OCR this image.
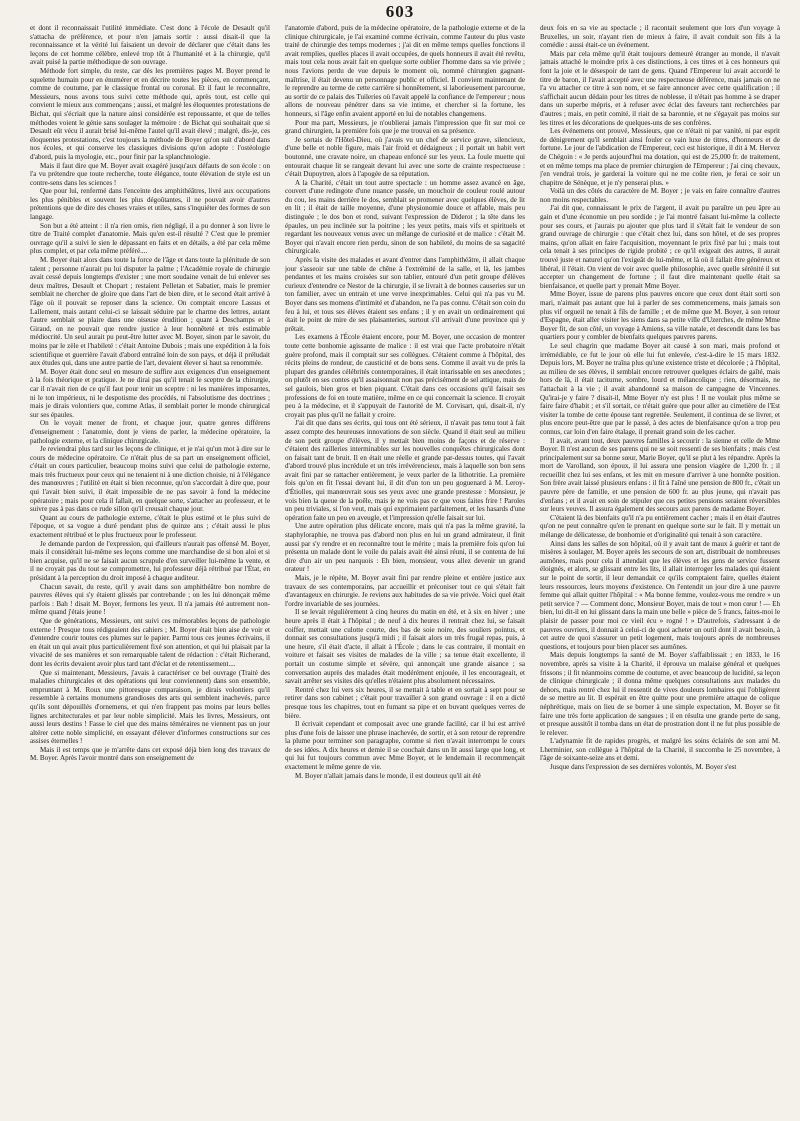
603

et dont il reconnaissait l'utilité immédiate. C'est donc à l'école de Desault qu'il s'attacha de préférence, et pour n'en jamais sortir : aussi disait-il que la reconnaissance et la vérité lui faisaient un devoir de déclarer que c'était dans les leçons de cet homme célèbre, enlevé trop tôt à l'humanité et à la chirurgie, qu'il avait puisé la partie méthodique de son ouvrage.

Méthode fort simple, du reste, car dès les premières pages M. Boyer prend le squelette humain pour en énumérer et en décrire toutes les pièces, en commençant, comme de coutume, par le classique frontal ou coronal. Et il faut le reconnaître, Messieurs, nous avons tous suivi cette méthode qui, après tout, est celle qui convient le mieux aux commençans ; aussi, et malgré les éloquentes protestations de Bichat, qui s'écriait que la nature ainsi considérée est repoussante, et que de telles méthodes voient le génie sans soulager la mémoire : de Bichat qui souhaitait que si Desault eût vécu il aurait brisé lui-même l'autel qu'il avait élevé ; malgré, dis-je, ces éloquentes protestations, c'est toujours la méthode de Boyer qu'on suit d'abord dans nos écoles, et qui conserve les classiques divisions qu'on adopte : l'ostéologie d'abord, puis la myologie, etc., pour finir par la splanchnologie.

Mais il faut dire que M. Boyer avait exagéré jusqu'aux défauts de son école : on l'a vu prétendre que toute recherche, toute élégance, toute élévation de style est un contre-sens dans les sciences !

Que pour lui, renfermé dans l'enceinte des amphithéâtres, livré aux occupations les plus pénibles et souvent les plus dégoûtantes, il ne pouvait avoir d'autres prétentions que de dire des choses vraies et utiles, sans s'inquiéter des formes de son langage.

Son but a été atteint : il n'a rien omis, rien négligé, il a pu donner à son livre le titre de Traité complet d'anatomie. Mais qu'en est-il résulté ? C'est que le premier ouvrage qu'il a suivi le sien le dépassant en faits et en détails, a été par cela même plus complet, et par cela même préféré....

M. Boyer était alors dans toute la force de l'âge et dans toute la plénitude de son talent ; personne n'aurait pu lui disputer la palme ; l'Académie royale de chirurgie avait cessé depuis longtemps d'exister ; une mort soudaine venait de lui enlever ses deux maîtres, Desault et Chopart ; restaient Pelletan et Sabatier, mais le premier semblait ne chercher de gloire que dans l'art de bien dire, et le second était arrivé à l'âge où il pouvait se reposer dans la science. On comptait encore Lassus et Lallement, mais autant celui-ci se laissait séduire par le charme des lettres, autant l'autre semblait se plaire dans une oiseuse érudition ; quant à Deschamps et à Giraud, on ne pouvait que rendre justice à leur honnêteté et très estimable médiocrité. Un seul aurait pu peut-être lutter avec M. Boyer, sinon par le savoir, du moins par le zèle et l'habileté : c'était Antoine Dubois ; mais une expédition à la fois scientifique et guerrière l'avait d'abord entraîné loin de son pays, et déjà il préludait aux études qui, dans une autre partie de l'art, devaient élever si haut sa renommée.

M. Boyer était donc seul en mesure de suffire aux exigences d'un enseignement à la fois théorique et pratique. Je ne dirai pas qu'il tenait le sceptre de la chirurgie, car il n'avait rien de ce qu'il faut pour tenir un sceptre : ni les manières imposantes, ni le ton impérieux, ni le despotisme des procédés, ni l'absolutisme des doctrines ; mais je dirais volontiers que, comme Atlas, il semblait porter le monde chirurgical sur ses épaules.

On le voyait mener de front, et chaque jour, quatre genres différens d'enseignement : l'anatomie, dont je viens de parler, la médecine opératoire, la pathologie externe, et la clinique chirurgicale.

Je reviendrai plus tard sur les leçons de clinique, et je n'ai qu'un mot à dire sur le cours de médecine opératoire. Ce n'était plus de sa part un enseignement officiel, c'était un cours particulier, beaucoup moins suivi que celui de pathologie externe, mais très fructueux pour ceux qui ne tenaient ni à une diction choisie, ni à l'élégance des manœuvres ; l'utilité en était si bien reconnue, qu'on s'accordait à dire que, pour qui l'avait bien suivi, il était impossible de ne pas savoir à fond la médecine opératoire ; mais pour cela il fallait, en quelque sorte, s'attacher au professeur, et le suivre pas à pas dans ce rude sillon qu'il creusait chaque jour.

Quant au cours de pathologie externe, c'était le plus estimé et le plus suivi de l'époque, et sa vogue a duré pendant plus de quinze ans ; c'était aussi le plus exactement rétribué et le plus fructueux pour le professeur.

Je demande pardon de l'expression, qui d'ailleurs n'aurait pas offensé M. Boyer, mais il considérait lui-même ses leçons comme une marchandise de si bon aloi et si bien acquise, qu'il ne se faisait aucun scrupule d'en surveiller lui-même la vente, et il ne croyait pas du tout se compromettre, lui professeur déjà rétribué par l'État, en présidant à la perception du droit imposé à chaque auditeur.

Chacun savait, du reste, qu'il y avait dans son amphithéâtre bon nombre de pauvres élèves qui s'y étaient glissés par contrebande ; on les lui dénonçait même parfois : Bah ! disait M. Boyer, fermons les yeux. Il n'a jamais été autrement non-même quand j'étais jeune !

Que de générations, Messieurs, ont suivi ces mémorables leçons de pathologie externe ! Presque tous rédigeaient des cahiers ; M. Boyer était bien aise de voir et d'entendre courir toutes ces plumes sur le papier. Parmi tous ces jeunes écrivains, il en était un qui avait plus particulièrement fixé son attention, et qui lui plaisait par la vivacité de ses manières et son remarquable talent de rédaction : c'était Richerand, dont les écrits devaient avoir plus tard tant d'éclat et de retentissement....

Que si maintenant, Messieurs, j'avais à caractériser ce bel ouvrage (Traité des maladies chirurgicales et des opérations qui leur conviennent) dans son ensemble, empruntant à M. Roux une pittoresque comparaison, je dirais volontiers qu'il ressemble à certains monumens grandioses des arts qui semblent inachevés, parce qu'ils sont dépouillés d'ornemens, et qui n'en frappent pas moins par leurs belles lignes architecturales et par leur noble simplicité. Mais les livres, Messieurs, ont aussi leurs destins ! Fasse le ciel que des mains téméraires ne viennent pas un jour altérer cette noble simplicité, en essayant d'élever d'informes constructions sur ces assises éternelles !

Mais il est temps que je m'arrête dans cet exposé déjà bien long des travaux de M. Boyer. Après l'avoir montré dans son enseignement de

l'anatomie d'abord, puis de la médecine opératoire, de la pathologie externe et de la clinique chirurgicale, je l'ai examiné comme écrivain, comme l'auteur du plus vaste traité de chirurgie des temps modernes ; j'ai dit en même temps quelles fonctions il avait remplies, quelles places il avait occupées, de quels honneurs il avait été revêtu, mais tout cela nous avait fait en quelque sorte oublier l'homme dans sa vie privée ; nous l'avions perdu de vue depuis le moment où, nommé chirurgien gagnant-maîtrise, il était devenu un personnage public et officiel. Il convient maintenant de le reprendre au terme de cette carrière si honnêtement, si laborieusement parcourue, au sortir de ce palais des Tuileries où l'avait appelé la confiance de l'empereur ; nous allons de nouveau pénétrer dans sa vie intime, et chercher si la fortune, les honneurs, si l'âge enfin avaient apporté en lui de notables changemens.

Pour ma part, Messieurs, je n'oublierai jamais l'impression que fit sur moi ce grand chirurgien, la première fois que je me trouvai en sa présence.

Je sortais de l'Hôtel-Dieu, où j'avais vu un chef de service grave, silencieux, d'une belle et noble figure, mais l'air froid et dédaigneux ; il portait un habit vert boutonné, une cravate noire, un chapeau enfoncé sur les yeux. La foule muette qui entourait chaque lit se rangeait devant lui avec une sorte de crainte respectueuse : c'était Dupuytren, alors à l'apogée de sa réputation.

A la Charité, c'était un tout autre spectacle : un homme assez avancé en âge, couvert d'une redingote d'une nuance passée, un mouchoir de couleur roulé autour du cou, les mains derrière le dos, semblait se promener avec quelques élèves, de lit en lit ; il était de taille moyenne, d'une physionomie douce et affable, mais peu distinguée ; le dos bon et rond, suivant l'expression de Diderot ; la tête dans les épaules, un peu inclinée sur la poitrine ; les yeux petits, mais vifs et spirituels et regardant les nouveaux venus avec un mélange de curiosité et de malice : c'était M. Boyer qui n'avait encore rien perdu, sinon de son habileté, du moins de sa sagacité chirurgicale.

Après la visite des malades et avant d'entrer dans l'amphithéâtre, il allait chaque jour s'asseoir sur une table de chêne à l'extrémité de la salle, et là, les jambes pendantes et les mains croisées sur son tablier, entouré d'un petit groupe d'élèves curieux d'entendre ce Nestor de la chirurgie, il se livrait à de bonnes causeries sur un ton familier, avec un entrain et une verve inexprimables. Celui qui n'a pas vu M. Boyer dans ses momens d'intimité et d'abandon, ne l'a pas connu. C'était son coin du feu à lui, et tous ses élèves étaient ses enfans ; il y en avait un ordinairement qui était le point de mire de ses plaisanteries, surtout s'il arrivait d'une province qui y prêtait.

Les examens à l'École étaient encore, pour M. Boyer, une occasion de montrer toute cette bonhomie agissante de malice : il est vrai que l'acte probatoire n'était guère profond, mais il comptait sur ses collègues. C'étaient comme à l'hôpital, des récits pleins de rondeur, de causticité et de bons sens. Comme il avait vu de près la plupart des grandes célébrités contemporaines, il était intarissable en ses anecdotes ; on plutôt en ses contes qu'il assaisonnait non pas précisément de sel attique, mais de sel gaulois, bien gros et bien piquant. C'était dans ces occasions qu'il faisait ses professions de foi en toute matière, même en ce qui concernait la science. Il croyait peu à la médecine, et il s'appuyait de l'autorité de M. Corvisart, qui, disait-il, n'y croyait pas plus qu'il ne fallait y croire.

J'ai dit que dans ses écrits, qui tous ont été sérieux, il n'avait pas tenu tout à fait assez compte des heureuses innovations de son siècle. Quand il était seul au milieu de son petit groupe d'élèves, il y mettait bien moins de façons et de réserve : c'étaient des railleries interminables sur les nouvelles conquêtes chirurgicales dont on faisait tant de bruit. Il en était une réelle et grande par-dessus toutes, qui l'avait d'abord trouvé plus incrédule et un très irrévérencieux, mais à laquelle son bon sens avait fini par se rattacher entièrement, je veux parler de la lithotritie. La première fois qu'on en fit l'essai devant lui, il dit d'un ton un peu goguenard à M. Leroy-d'Étiolles, qui manœuvrait sous ses yeux avec une grande prestesse : Monsieur, je vois bien la queue de la poêle, mais je ne vois pas ce que vous faites frire ! Paroles un peu triviales, si l'on veut, mais qui exprimaient parfaitement, et les hasards d'une opération faite un peu en aveugle, et l'impression qu'elle faisait sur lui.

Une autre opération plus délicate encore, mais qui n'a pas la même gravité, la staphyloraphie, ne trouva pas d'abord non plus en lui un grand admirateur, il finit aussi par s'y rendre et en reconnaître tout le mérite ; mais la première fois qu'on lui présenta un malade dont le voile du palais avait été ainsi réuni, il se contenta de lui dire d'un air un peu narquois : Eh bien, monsieur, vous allez devenir un grand orateur !

Mais, je le répète, M. Boyer avait fini par rendre pleine et entière justice aux travaux de ses contemporains, par accueillir et préconiser tout ce qui s'était fait d'avantageux en chirurgie. Je reviens aux habitudes de sa vie privée. Voici quel était l'ordre invariable de ses journées.

Il se levait régulièrement à cinq heures du matin en été, et à six en hiver ; une heure après il était à l'hôpital ; de neuf à dix heures il rentrait chez lui, se faisait coiffer, mettait une culotte courte, des bas de soie noire, des souliers pointus, et donnait ses consultations jusqu'à midi ; il faisait alors un très frugal repas, puis, à une heure, s'il était d'acte, il allait à l'École ; dans le cas contraire, il montait en voiture et faisait ses visites de malades de la ville ; sa tenue était excellente, il portait un costume simple et sévère, qui annonçait une grande aisance ; sa conversation auprès des malades était modérément enjouée, il les encourageait, et savait arrêter ses visites dès qu'elles n'étaient plus absolument nécessaires.

Rentré chez lui vers six heures, il se mettait à table et en sortait à sept pour se retirer dans son cabinet ; c'était pour travailler à son grand ouvrage : il en a dicté presque tous les chapitres, tout en fumant sa pipe et en buvant quelques verres de bière.

Il écrivait cependant et composait avec une grande facilité, car il lui est arrivé plus d'une fois de laisser une phrase inachevée, de sortir, et à son retour de reprendre la plume pour terminer son paragraphe, comme si rien n'avait interrompu le cours de ses idées. A dix heures et demie il se couchait dans un lit aussi large que long, et qui lui fut toujours commun avec Mme Boyer, et le lendemain il recommençait exactement le même genre de vie.

M. Boyer n'allait jamais dans le monde, il est douteux qu'il ait été

deux fois en sa vie au spectacle ; il racontait seulement que lors d'un voyage à Bruxelles, un soir, n'ayant rien de mieux à faire, il avait conduit son fils à la comédie : aussi était-ce un événement.

Mais par cela même qu'il était toujours demeuré étranger au monde, il n'avait jamais attaché le moindre prix à ces distinctions, à ces titres et à ces honneurs qui font la joie et le désespoir de tant de gens. Quand l'Empereur lui avait accordé le titre de baron, il l'avait accepté avec une respectueuse déférence, mais jamais on ne l'a vu attacher ce titre à son nom, et se faire annoncer avec cette qualification ; il s'affichait aucun dédain pour les titres de noblesse, il n'était pas homme à se draper dans un superbe mépris, et à refuser avec éclat des faveurs tant recherchées par d'autres ; mais, en petit comité, il riait de sa baronnie, et ne s'égayait pas moins sur les titres et les décorations de quelques-uns de ses confrères.

Les événemens ont prouvé, Messieurs, que ce n'était ni par vanité, ni par esprit de dénigrement qu'il semblait ainsi fouler ce vain luxe de titres, d'honneurs et de fortune. Le jour de l'abdication de l'Empereur, ceci est historique, il dit à M. Hervez de Chégoin : « Je perds aujourd'hui ma dotation, qui est de 25,000 fr. de traitement, et en même temps ma place de premier chirurgien de l'Empereur ; j'ai cinq chevaux, j'en vendrai trois, je garderai la voiture qui ne me coûte rien, je ferai ce soir un chapitre de Sénèque, et je n'y penserai plus. »

Voilà un des côtés du caractère de M. Boyer ; je vais en faire connaître d'autres non moins respectables.

J'ai dit que, connaissant le prix de l'argent, il avait pu paraître un peu âpre au gain et d'une économie un peu sordide ; je l'ai montré faisant lui-même la collecte pour ses cours, et j'aurais pu ajouter que plus tard il s'était fait le vendeur de son grand ouvrage de chirurgie : que c'était chez lui, dans son hôtel, et de ses propres mains, qu'on allait en faire l'acquisition, moyennant le prix fixé par lui ; mais tout cela tenait à ses principes de rigide probité ; ce qu'il exigeait des autres, il aurait trouvé juste et naturel qu'on l'exigeât de lui-même, et là où il fallait être généreux et libéral, il l'était. On vient de voir avec quelle philosophie, avec quelle sérénité il sut accepter un changement de fortune ; il faut dire maintenant quelle était sa bienfaisance, et quelle part y prenait Mme Boyer.

Mme Boyer, issue de parens plus pauvres encore que ceux dont était sorti son mari, n'aimait pas autant que lui à parler de ses commencemens, mais jamais son plus vif orgueil ne tenait à fils de famille ; et de même que M. Boyer, à son retour d'Espagne, était aller visiter les siens dans sa petite ville d'Uzerches, de même Mme Boyer fit, de son côté, un voyage à Amiens, sa ville natale, et descendit dans les bas quartiers pour y combler de bienfaits quelques pauvres parens.

Le seul chagrin que madame Boyer ait causé à son mari, mais profond et irrémédiable, ce fut le jour où elle lui fut enlevée, c'est-à-dire le 15 mars 1832. Depuis lors, M. Boyer ne traîna plus qu'une existence triste et décolorée ; à l'hôpital, au milieu de ses élèves, il semblait encore retrouver quelques éclairs de gaîté, mais hors de là, il était taciturne, sombre, lourd et mélancolique ; rien, désormais, ne l'attachait à la vie ; il avait abandonné sa maison de campagne de Vincennes. Qu'irai-je y faire ? disait-il, Mme Boyer n'y est plus ! Il ne voulait plus même se faire faire d'habit ; et s'il sortait, ce n'était guère que pour aller au cimetière de l'Est visiter la tombe de cette épouse tant regrettée. Seulement, il continua de se livrer, et plus encore peut-être que par le passé, à des actes de bienfaisance qu'on a trop peu connus, car loin d'en faire étalage, il prenait grand soin de les cacher.

Il avait, avant tout, deux pauvres familles à secourir : la sienne et celle de Mme Boyer. Il n'est aucun de ses parens qui ne se soit ressenti de ses bienfaits ; mais c'est principalement sur sa bonne sœur, Marie Boyer, qu'il se plut à les répandre. Après la mort de Varolland, son époux, il lui assura une pension viagère de 1,200 fr. ; il recueillit chez lui ses enfans, et les mit en mesure d'arriver à une honnête position. Son frère avait laissé plusieurs enfans : il fit à l'aîné une pension de 800 fr., c'était un pauvre père de famille, et une pension de 600 fr. au plus jeune, qui n'avait pas d'enfans ; et il avait en soin de stipuler que ces petites pensions seraient réversibles sur leurs veuves. Il assura également des secours aux parens de madame Boyer.

C'étaient là des bienfaits qu'il n'a pu entièrement cacher ; mais il en était d'autres qu'on ne peut connaître qu'en le prenant en quelque sorte sur le fait. Il y mettait un mélange de délicatesse, de bonhomie et d'originalité qui tenait à son caractère.

Ainsi dans les salles de son hôpital, où il y avait tant de maux à guérir et tant de misères à soulager, M. Boyer après les secours de son art, distribuait de nombreuses aumônes, mais pour cela il attendait que les élèves et les gens de service fussent éloignés, et alors, se glissant entre les lits, il allait interroger les malades qui étaient sur le point de sortir, il leur demandait ce qu'ils comptaient faire, quelles étaient leurs ressources, leurs moyens d'existence. On l'entendit un jour dire à une pauvre femme qui allait quitter l'hôpital : « Ma bonne femme, voulez-vous me rendre » un petit service ? — Comment donc, Monsieur Boyer, mais de tout » mon cœur ! — Eh bien, lui dit-il en lui glissant dans la main une belle » pièce de 5 francs, faites-moi le plaisir de passer pour moi ce vieil écu » rogné ! » D'autrefois, s'adressant à de pauvres ouvriers, il donnait à celui-ci de quoi acheter un outil dont il avait besoin, à cet autre de quoi s'assurer un petit logement, mais toujours après de nombreuses questions, et toujours pour bien placer ses aumônes.

Mais depuis longtemps la santé de M. Boyer s'affaiblissait ; en 1833, le 16 novembre, après sa visite à la Charité, il éprouva un malaise général et quelques frissons ; il fit néanmoins comme de coutume, et avec beaucoup de lucidité, sa leçon de clinique chirurgicale ; il donna même quelques consultations aux malades du dehors, mais rentré chez lui il ressentit de vives douleurs lombaires qui l'obligèrent de se mettre au lit. Il espérait en être quitte pour une première attaque de colique néphrétique, mais on lieu de se borner à une simple expectation, M. Boyer se fit faire une très forte application de sangsues ; il en résulta une grande perte de sang, et presque aussitôt il tomba dans un état de prostration dont il ne fut plus possible de le relever.

L'adynamie fit de rapides progrès, et malgré les soins éclairés de son ami M. Lherminier, son collègue à l'hôpital de la Charité, il succomba le 25 novembre, à l'âge de soixante-seize ans et demi.

Jusque dans l'expression de ses dernières volontés, M. Boyer s'est
